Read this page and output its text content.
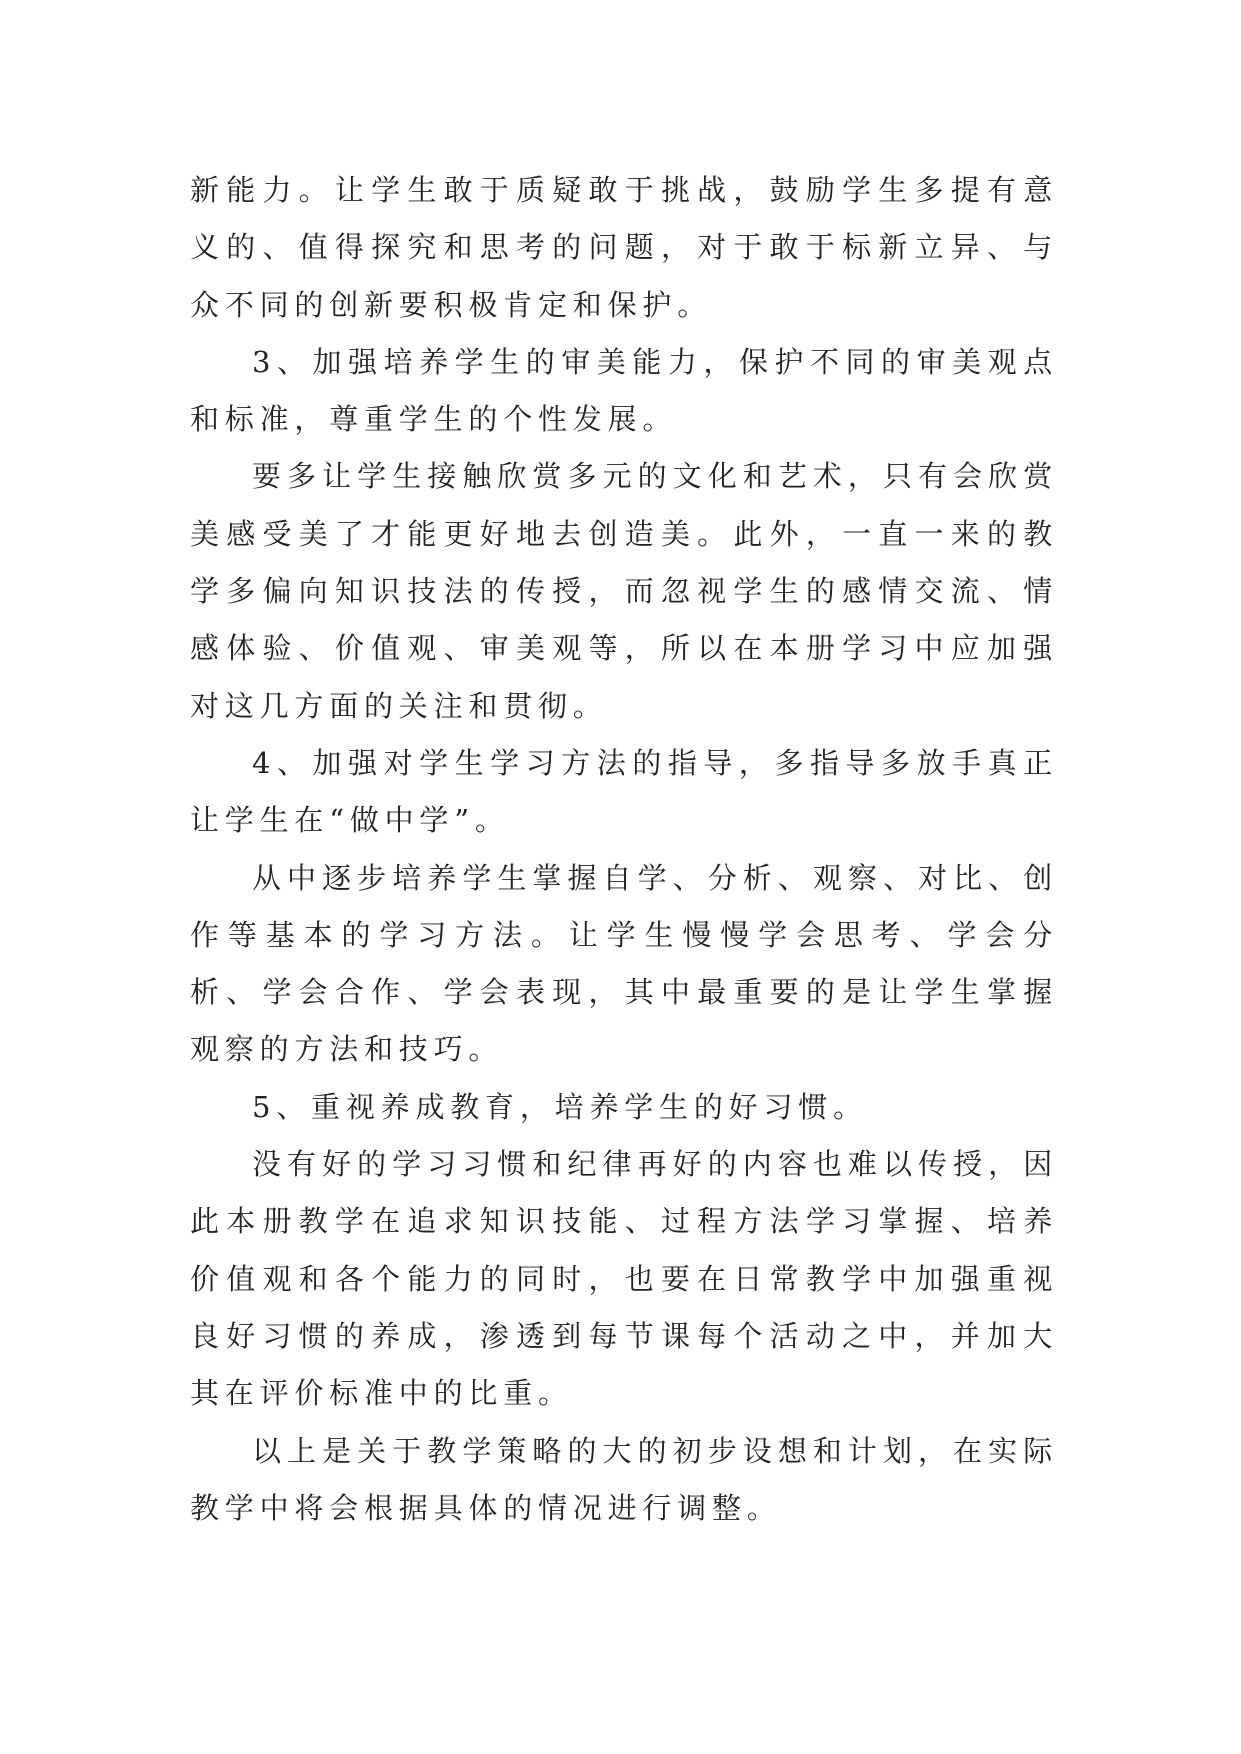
新能力。让学生敢于质疑敢于挑战，鼓励学生多提有意义的、值得探究和思考的问题，对于敢于标新立异、与众不同的创新要积极肯定和保护。

3、加强培养学生的审美能力，保护不同的审美观点和标准，尊重学生的个性发展。

要多让学生接触欣赏多元的文化和艺术，只有会欣赏美感受美了才能更好地去创造美。此外，一直一来的教学多偏向知识技法的传授，而忽视学生的感情交流、情感体验、价值观、审美观等，所以在本册学习中应加强对这几方面的关注和贯彻。

4、加强对学生学习方法的指导，多指导多放手真正让学生在“做中学”。

从中逐步培养学生掌握自学、分析、观察、对比、创作等基本的学习方法。让学生慢慢学会思考、学会分析、学会合作、学会表现，其中最重要的是让学生掌握观察的方法和技巧。

5、重视养成教育，培养学生的好习惯。

没有好的学习习惯和纪律再好的内容也难以传授，因此本册教学在追求知识技能、过程方法学习掌握、培养价值观和各个能力的同时，也要在日常教学中加强重视良好习惯的养成，渗透到每节课每个活动之中，并加大其在评价标准中的比重。

以上是关于教学策略的大的初步设想和计划，在实际教学中将会根据具体的情况进行调整。
